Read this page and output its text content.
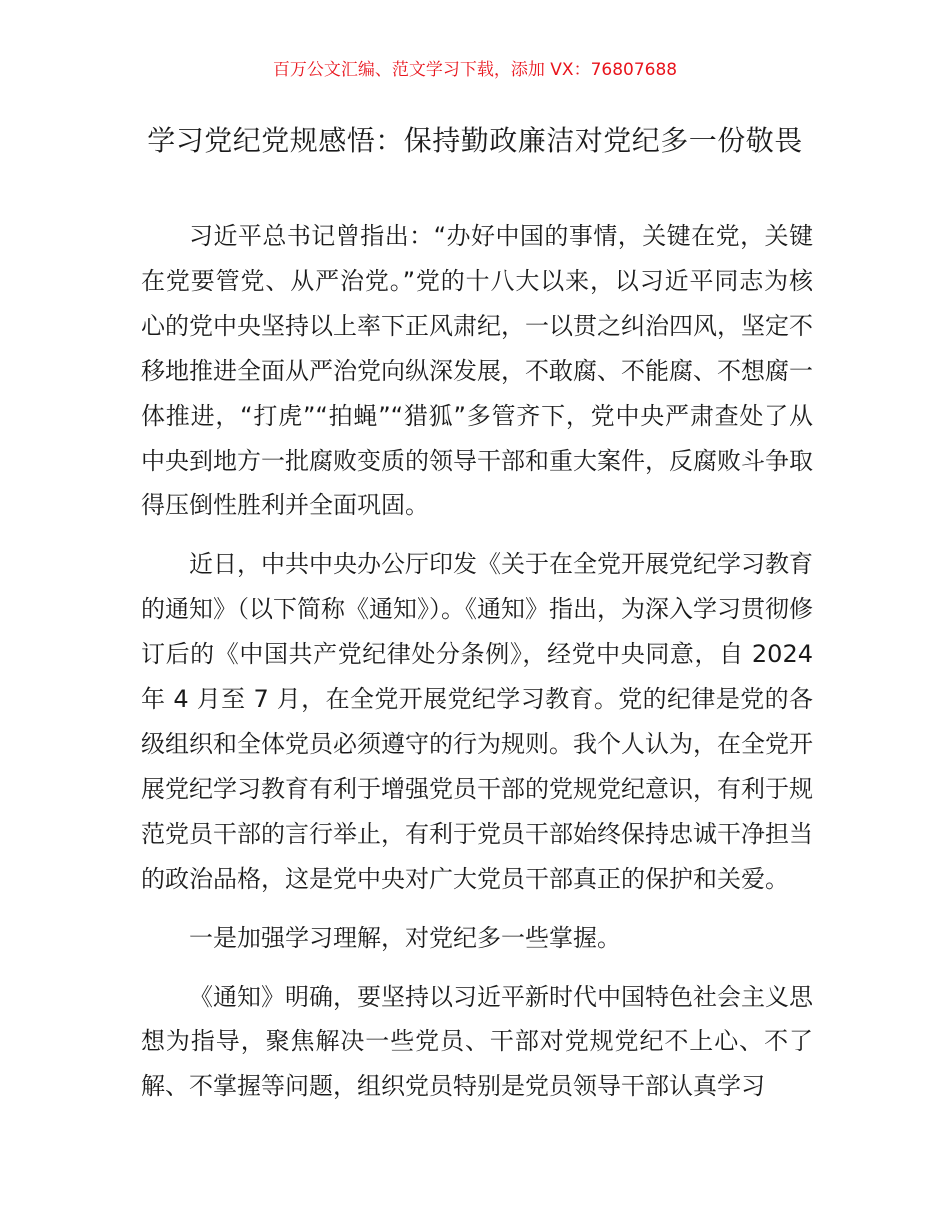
百万公文汇编、范文学习下载，添加 VX：76807688
学习党纪党规感悟：保持勤政廉洁对党纪多一份敬畏

习近平总书记曾指出：“办好中国的事情，关键在党，关键在党要管党、从严治党。”党的十八大以来，以习近平同志为核心的党中央坚持以上率下正风肃纪，一以贯之纠治四风，坚定不移地推进全面从严治党向纵深发展，不敢腐、不能腐、不想腐一体推进，“打虎”“拍蝇”“猎狐”多管齐下，党中央严肃查处了从中央到地方一批腐败变质的领导干部和重大案件，反腐败斗争取得压倒性胜利并全面巩固。

近日，中共中央办公厅印发《关于在全党开展党纪学习教育的通知》（以下简称《通知》）。《通知》指出，为深入学习贯彻修订后的《中国共产党纪律处分条例》，经党中央同意，自 2024 年 4 月至 7 月，在全党开展党纪学习教育。党的纪律是党的各级组织和全体党员必须遵守的行为规则。我个人认为，在全党开展党纪学习教育有利于增强党员干部的党规党纪意识，有利于规范党员干部的言行举止，有利于党员干部始终保持忠诚干净担当的政治品格，这是党中央对广大党员干部真正的保护和关爱。

一是加强学习理解，对党纪多一些掌握。

《通知》明确，要坚持以习近平新时代中国特色社会主义思想为指导，聚焦解决一些党员、干部对党规党纪不上心、不了解、不掌握等问题，组织党员特别是党员领导干部认真学习
